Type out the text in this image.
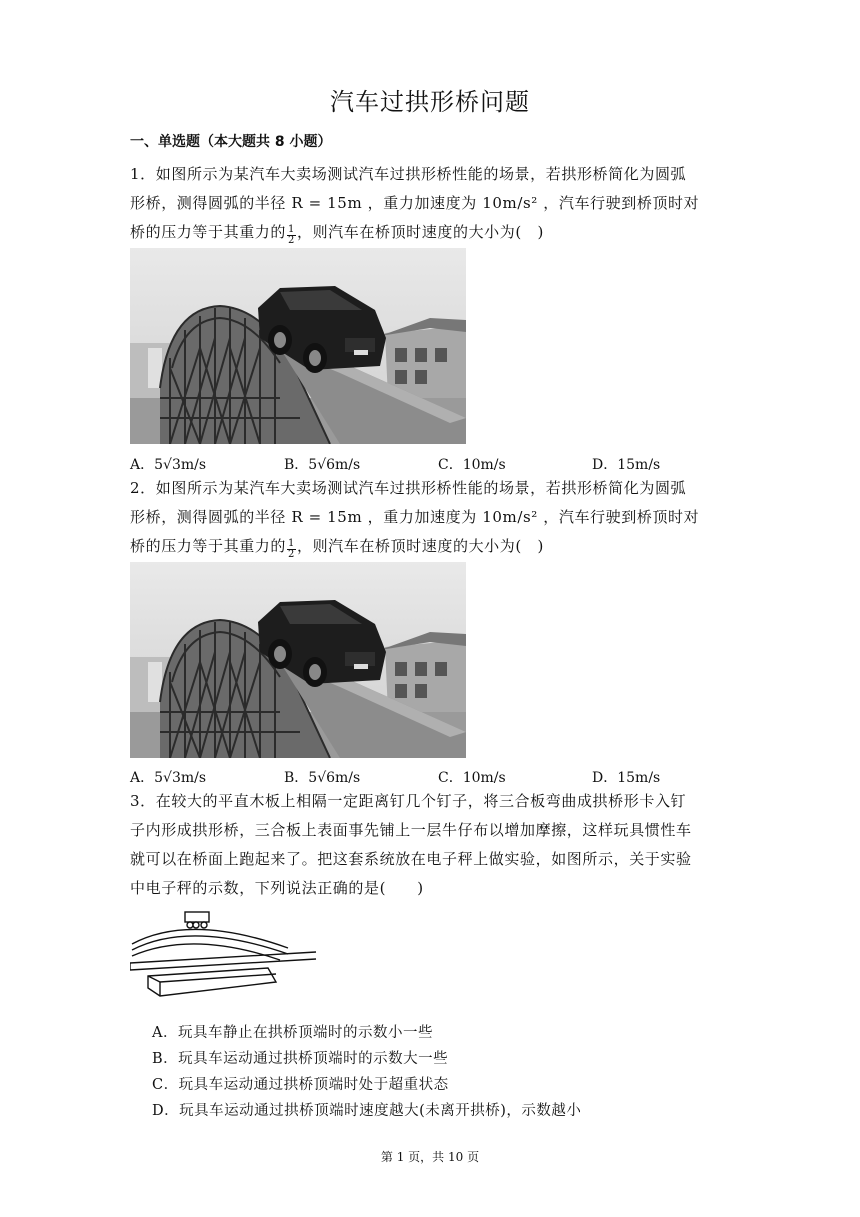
汽车过拱形桥问题
一、单选题（本大题共 8 小题）
1．如图所示为某汽车大卖场测试汽车过拱形桥性能的场景，若拱形桥简化为圆弧
形桥，测得圆弧的半径 R = 15m ，重力加速度为 10m/s² ，汽车行驶到桥顶时对
桥的压力等于其重力的 $\frac{1}{2}$ ，则汽车在桥顶时速度的大小为(　)
A．5√3m/s	B．5√6m/s	C．10m/s	D．15m/s
2．如图所示为某汽车大卖场测试汽车过拱形桥性能的场景，若拱形桥简化为圆弧
形桥，测得圆弧的半径 R = 15m ，重力加速度为 10m/s² ，汽车行驶到桥顶时对
桥的压力等于其重力的 $\frac{1}{2}$ ，则汽车在桥顶时速度的大小为(　)
A．5√3m/s	B．5√6m/s	C．10m/s	D．15m/s
3．在较大的平直木板上相隔一定距离钉几个钉子，将三合板弯曲成拱桥形卡入钉
子内形成拱形桥，三合板上表面事先铺上一层牛仔布以增加摩擦，这样玩具惯性车
就可以在桥面上跑起来了。把这套系统放在电子秤上做实验，如图所示，关于实验
中电子秤的示数，下列说法正确的是(　　)
A．玩具车静止在拱桥顶端时的示数小一些
B．玩具车运动通过拱桥顶端时的示数大一些
C．玩具车运动通过拱桥顶端时处于超重状态
D．玩具车运动通过拱桥顶端时速度越大(未离开拱桥)，示数越小
第 1 页，共 10 页
